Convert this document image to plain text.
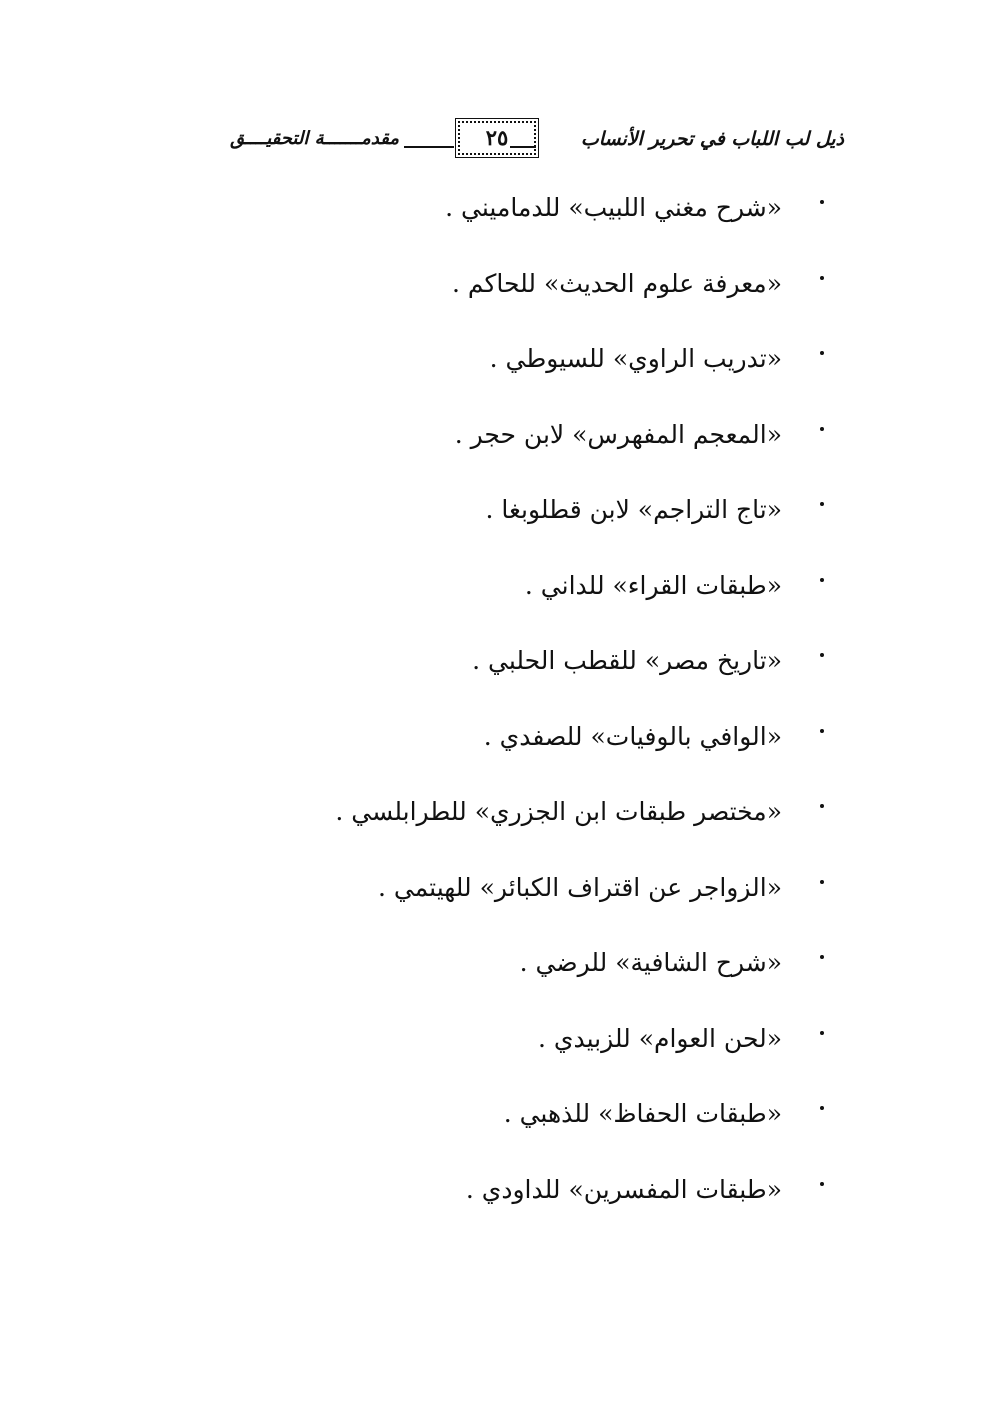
ذيل لب اللباب في تحرير الأنساب
٢٥
مقدمـــــــة التحقيــــق
«شرح مغني اللبيب» للدماميني .
«معرفة علوم الحديث» للحاكم .
«تدريب الراوي» للسيوطي .
«المعجم المفهرس» لابن حجر .
«تاج التراجم» لابن قطلوبغا .
«طبقات القراء» للداني .
«تاريخ مصر» للقطب الحلبي .
«الوافي بالوفيات» للصفدي .
«مختصر طبقات ابن الجزري» للطرابلسي .
«الزواجر عن اقتراف الكبائر» للهيتمي .
«شرح الشافية» للرضي .
«لحن العوام» للزبيدي .
«طبقات الحفاظ» للذهبي .
«طبقات المفسرين» للداودي .
